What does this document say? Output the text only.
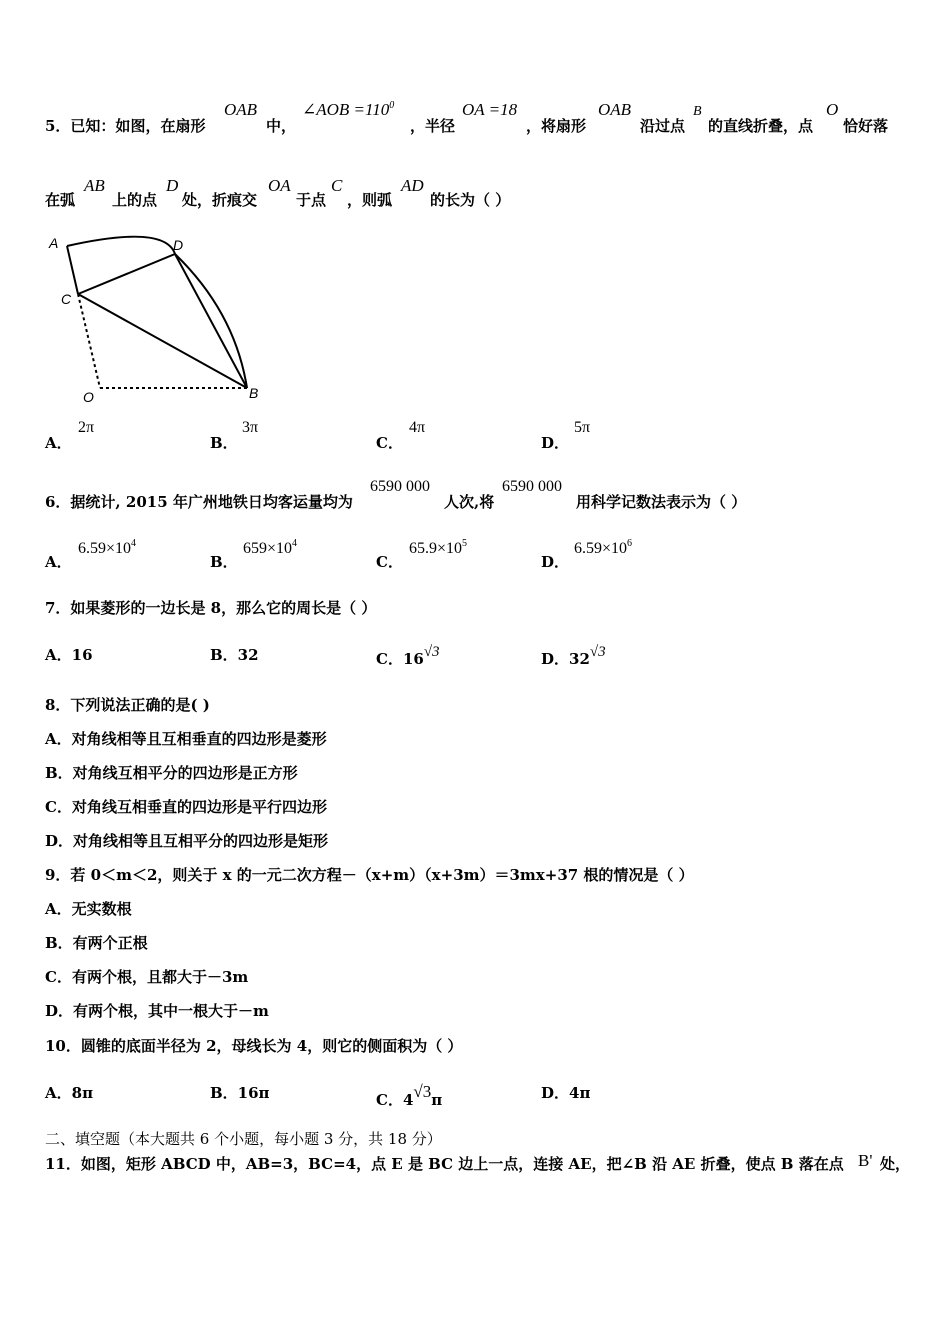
5．已知：如图，在扇形
OAB
中，
∠AOB $=110^0$
，半径
OA =18
，将扇形
OAB
沿过点
B
的直线折叠，点
O
恰好落
在弧
AB
上的点
D
处，折痕交
OA
于点
C
，则弧
AD
的长为（ ）
A	D
C
O	B
A．
2π
B．
3π
C．
4π
D．
5π
6．据统计, 2015 年广州地铁日均客运量均为
6590 000
人次,将
6590 000
用科学记数法表示为（ ）
A．
$6.59\times 10^4$
B．
$659\times 10^4$
C．
$65.9\times 10^5$
D．
$6.59\times 10^6$
7．如果菱形的一边长是 8，那么它的周长是（ ）
A．16	B．32	C．16√3	D．32√3
8．下列说法正确的是( )
A．对角线相等且互相垂直的四边形是菱形
B．对角线互相平分的四边形是正方形
C．对角线互相垂直的四边形是平行四边形
D．对角线相等且互相平分的四边形是矩形
9．若 0＜m＜2，则关于 x 的一元二次方程－（x+m）（x+3m）＝3mx+37 根的情况是（ ）
A．无实数根
B．有两个正根
C．有两个根，且都大于－3m
D．有两个根，其中一根大于－m
10．圆锥的底面半径为 2，母线长为 4，则它的侧面积为（ ）
A．8π	B．16π	C．4√3π	D．4π
二、填空题（本大题共 6 个小题，每小题 3 分，共 18 分）
11．如图，矩形 ABCD 中，AB=3，BC=4，点 E 是 BC 边上一点，连接 AE，把∠B 沿 AE 折叠，使点 B 落在点 B' 处，
